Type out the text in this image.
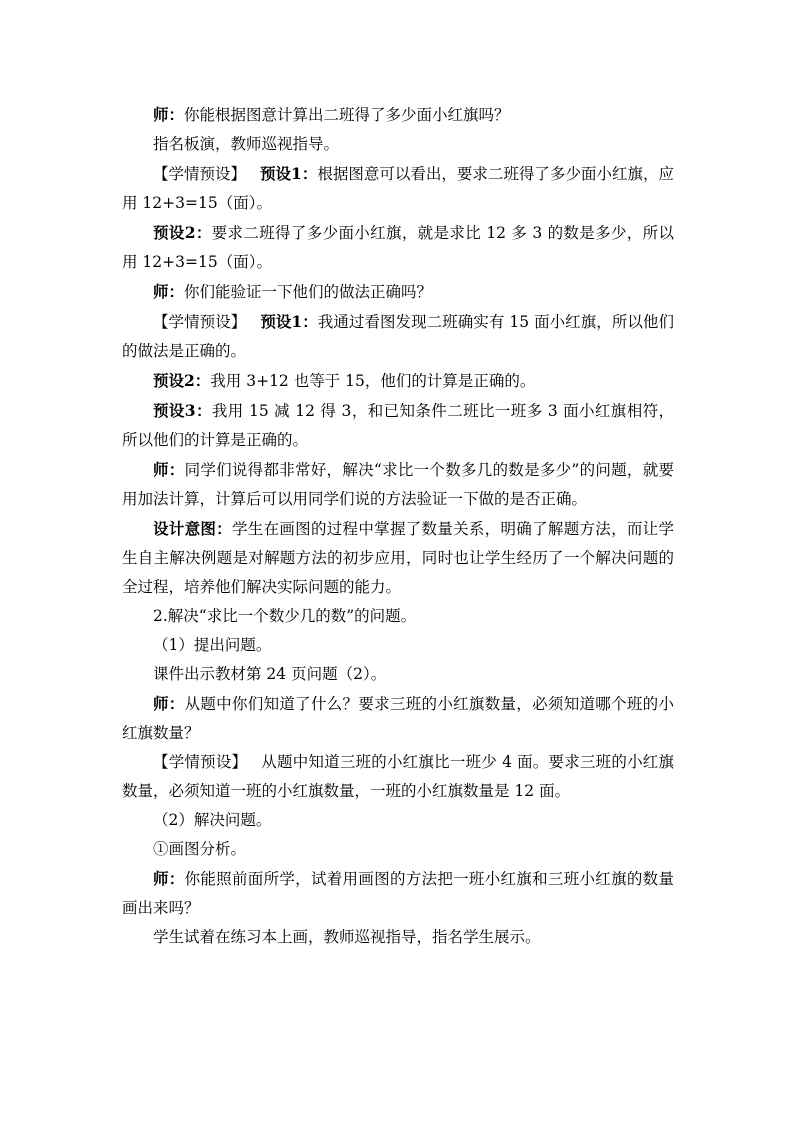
师：你能根据图意计算出二班得了多少面小红旗吗？

指名板演，教师巡视指导。

【学情预设】 预设1：根据图意可以看出，要求二班得了多少面小红旗，应用 12+3=15（面）。

预设2：要求二班得了多少面小红旗，就是求比 12 多 3 的数是多少，所以用 12+3=15（面）。

师：你们能验证一下他们的做法正确吗？

【学情预设】 预设1：我通过看图发现二班确实有 15 面小红旗，所以他们的做法是正确的。

预设2：我用 3+12 也等于 15，他们的计算是正确的。

预设3：我用 15 减 12 得 3，和已知条件二班比一班多 3 面小红旗相符，所以他们的计算是正确的。

师：同学们说得都非常好，解决“求比一个数多几的数是多少”的问题，就要用加法计算，计算后可以用同学们说的方法验证一下做的是否正确。

设计意图：学生在画图的过程中掌握了数量关系，明确了解题方法，而让学生自主解决例题是对解题方法的初步应用，同时也让学生经历了一个解决问题的全过程，培养他们解决实际问题的能力。

2.解决“求比一个数少几的数”的问题。

（1）提出问题。

课件出示教材第 24 页问题（2）。

师：从题中你们知道了什么？要求三班的小红旗数量，必须知道哪个班的小红旗数量？

【学情预设】 从题中知道三班的小红旗比一班少 4 面。要求三班的小红旗数量，必须知道一班的小红旗数量，一班的小红旗数量是 12 面。

（2）解决问题。

①画图分析。

师：你能照前面所学，试着用画图的方法把一班小红旗和三班小红旗的数量画出来吗？

学生试着在练习本上画，教师巡视指导，指名学生展示。
